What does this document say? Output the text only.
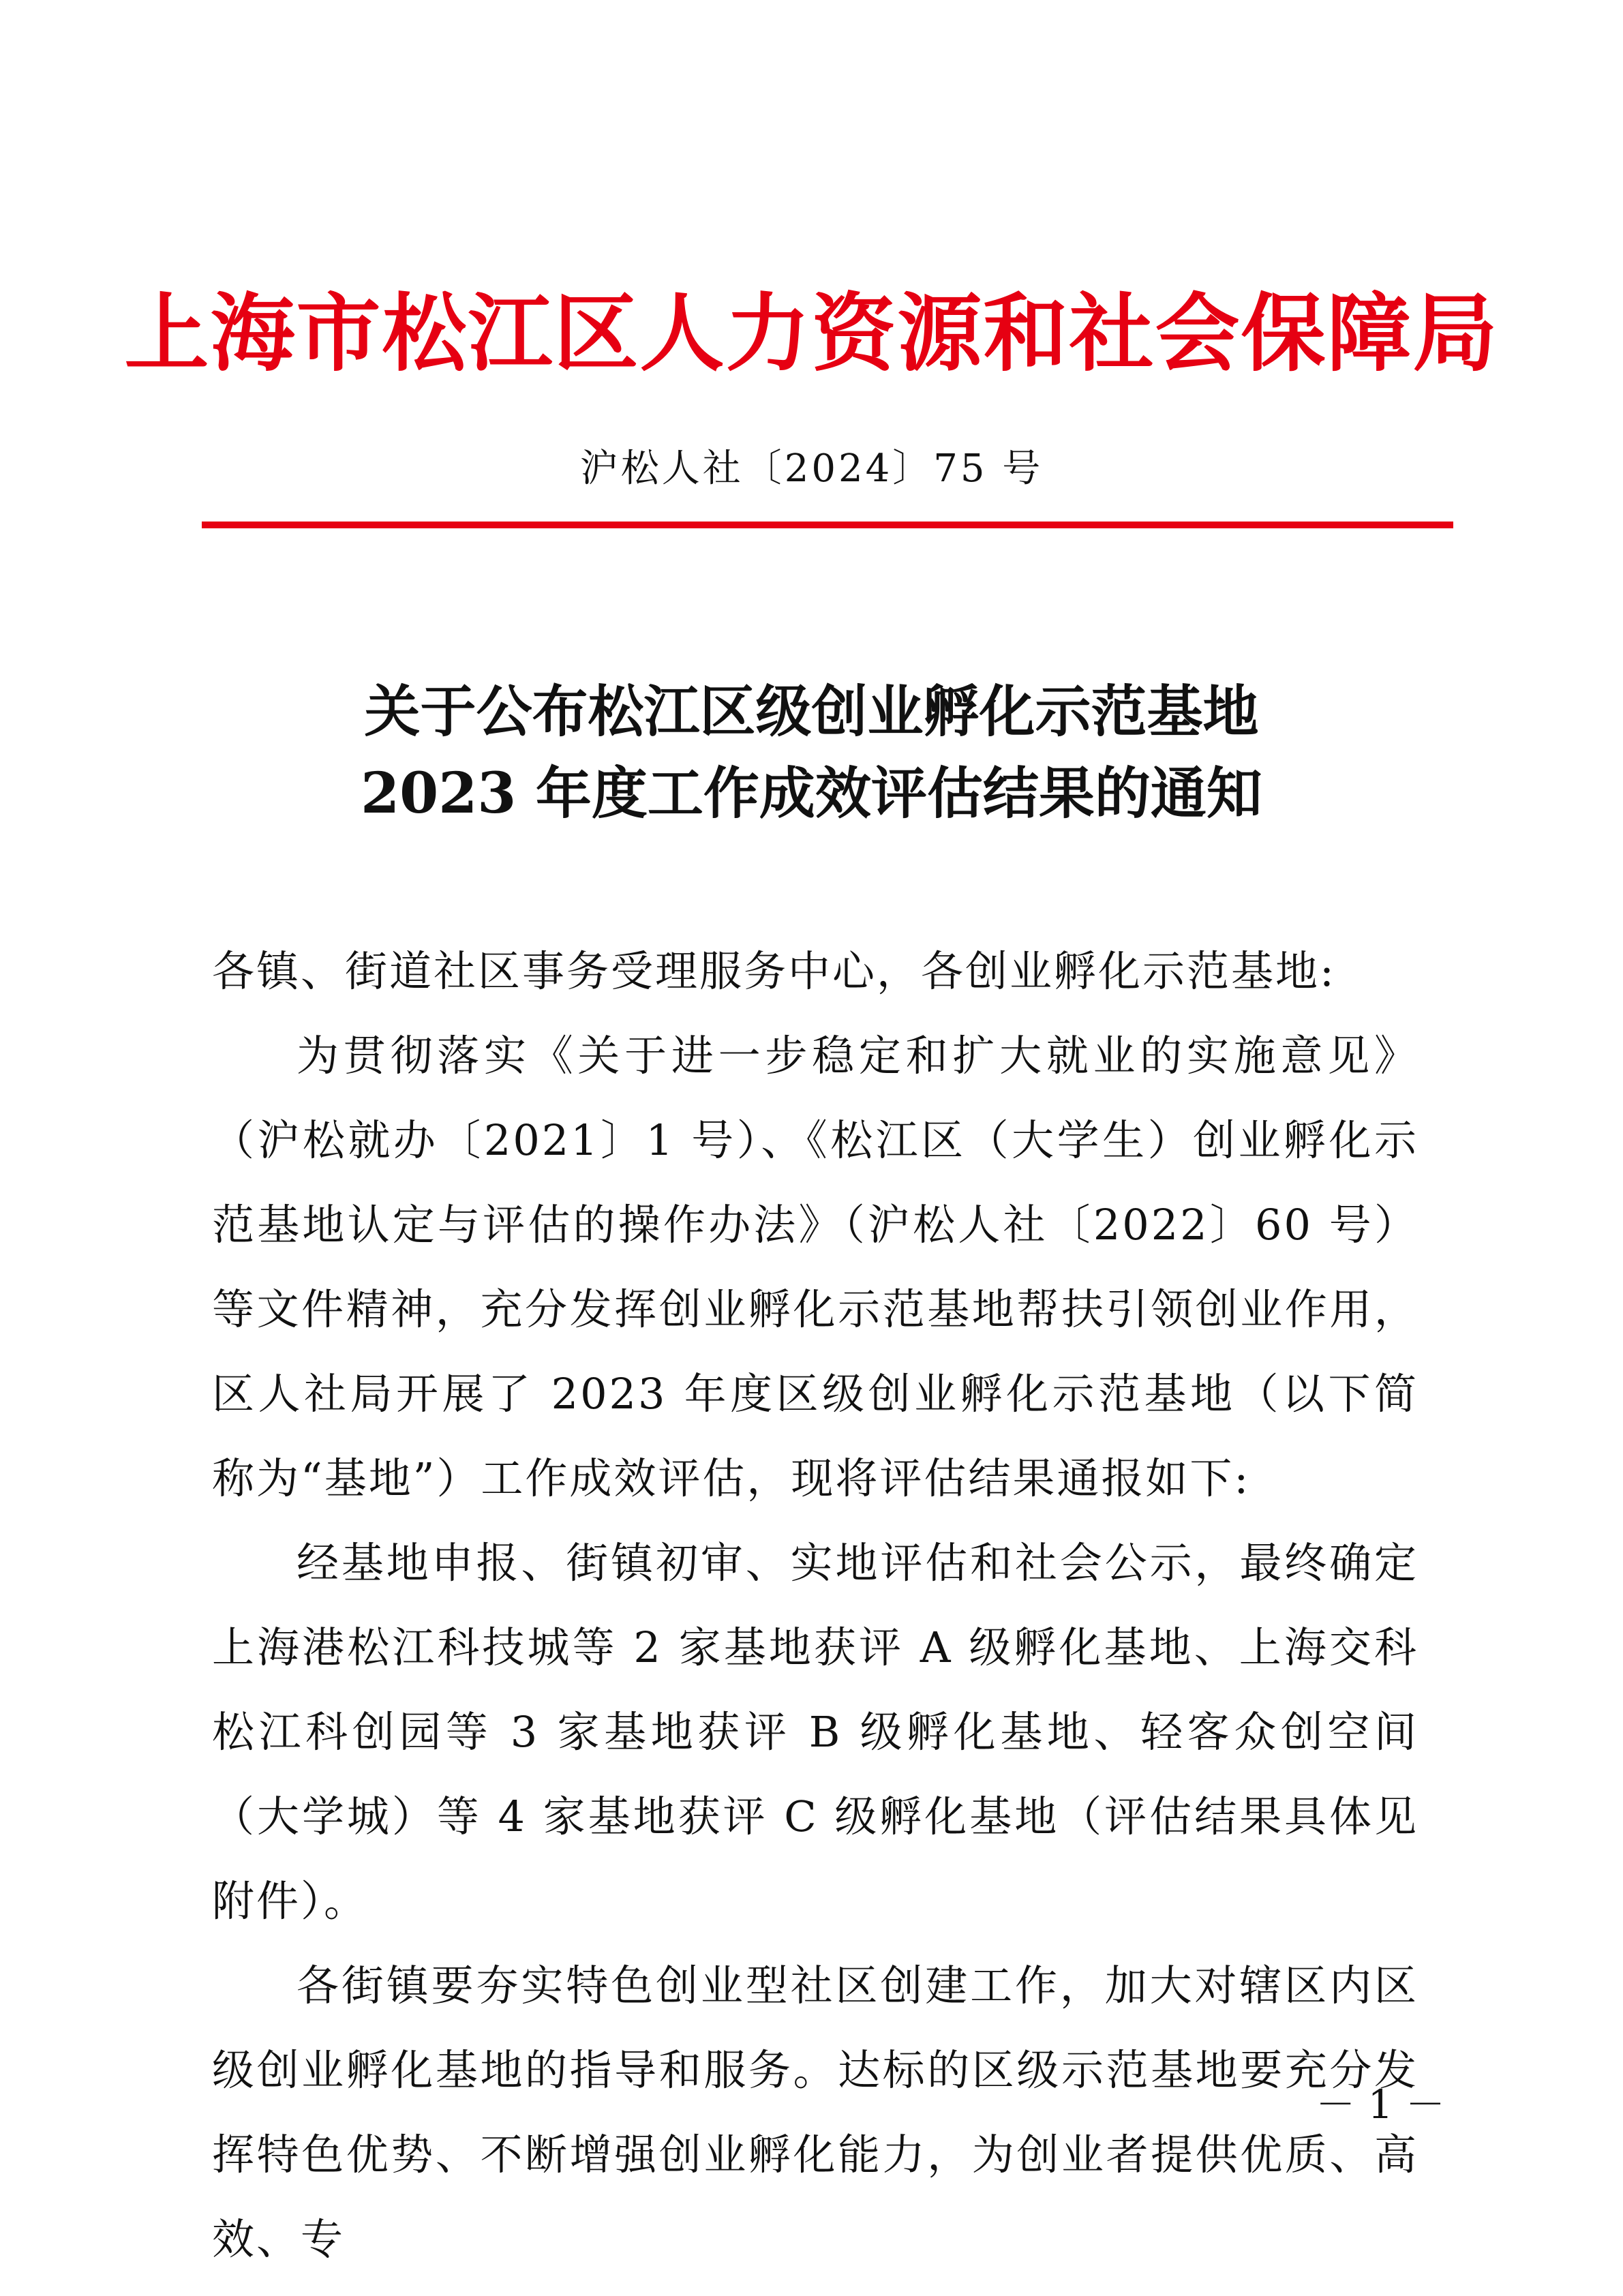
上海市松江区人力资源和社会保障局
沪松人社〔2024〕75 号
关于公布松江区级创业孵化示范基地
2023 年度工作成效评估结果的通知

各镇、街道社区事务受理服务中心，各创业孵化示范基地:

为贯彻落实《关于进一步稳定和扩大就业的实施意见》（沪松就办〔2021〕1 号）、《松江区（大学生）创业孵化示范基地认定与评估的操作办法》（沪松人社〔2022〕60 号）等文件精神，充分发挥创业孵化示范基地帮扶引领创业作用，区人社局开展了 2023 年度区级创业孵化示范基地（以下简称为“基地”）工作成效评估，现将评估结果通报如下:

经基地申报、街镇初审、实地评估和社会公示，最终确定上海港松江科技城等 2 家基地获评 A 级孵化基地、上海交科松江科创园等 3 家基地获评 B 级孵化基地、轻客众创空间（大学城）等 4 家基地获评 C 级孵化基地（评估结果具体见附件）。

各街镇要夯实特色创业型社区创建工作，加大对辖区内区级创业孵化基地的指导和服务。达标的区级示范基地要充分发挥特色优势、不断增强创业孵化能力，为创业者提供优质、高效、专

－ 1 －
